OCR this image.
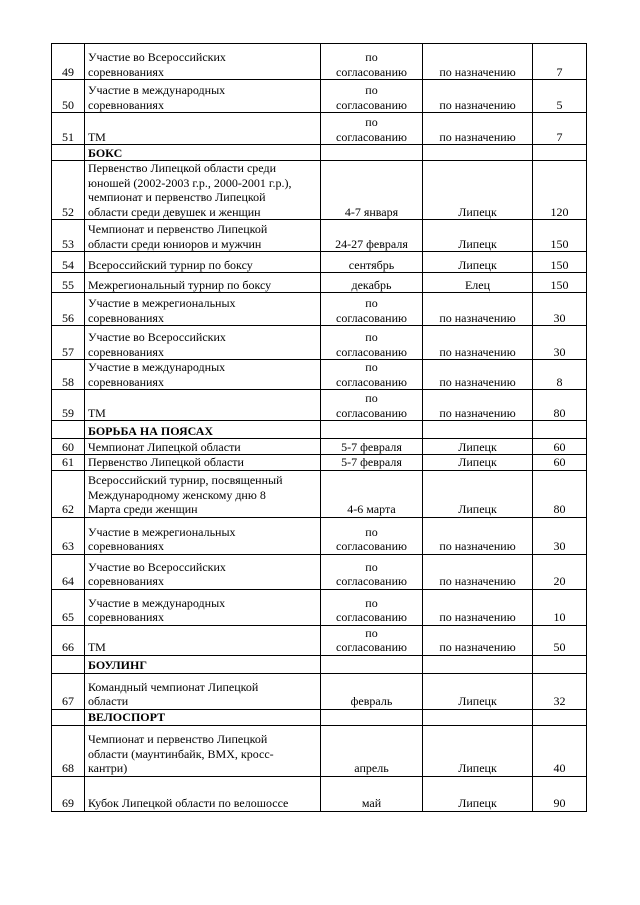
49	Участие во Всероссийских
соревнованиях	по
согласованию	по назначению	7
50	Участие в международных
соревнованиях	по
согласованию	по назначению	5
51	ТМ	по
согласованию	по назначению	7
	БОКС			
52	Первенство Липецкой области среди
юношей (2002-2003 г.р., 2000-2001 г.р.),
чемпионат и первенство Липецкой
области среди девушек и женщин	4-7 января	Липецк	120
53	Чемпионат и первенство Липецкой
области среди юниоров и мужчин	24-27 февраля	Липецк	150
54	Всероссийский турнир по боксу	сентябрь	Липецк	150
55	Межрегиональный турнир по боксу	декабрь	Елец	150
56	Участие в межрегиональных
соревнованиях	по
согласованию	по назначению	30
57	Участие во Всероссийских
соревнованиях	по
согласованию	по назначению	30
58	Участие в международных
соревнованиях	по
согласованию	по назначению	8
59	ТМ	по
согласованию	по назначению	80
	БОРЬБА НА ПОЯСАХ			
60	Чемпионат Липецкой области	5-7 февраля	Липецк	60
61	Первенство Липецкой области	5-7 февраля	Липецк	60
62	Всероссийский турнир, посвященный
Международному женскому дню 8
Марта среди женщин	4-6 марта	Липецк	80
63	Участие в межрегиональных
соревнованиях	по
согласованию	по назначению	30
64	Участие во Всероссийских
соревнованиях	по
согласованию	по назначению	20
65	Участие в международных
соревнованиях	по
согласованию	по назначению	10
66	ТМ	по
согласованию	по назначению	50
	БОУЛИНГ			
67	Командный чемпионат Липецкой
области	февраль	Липецк	32
	ВЕЛОСПОРТ			
68	Чемпионат и первенство Липецкой
области (маунтинбайк, ВМХ, кросс-
кантри)	апрель	Липецк	40
69	Кубок Липецкой области по велошоссе	май	Липецк	90
